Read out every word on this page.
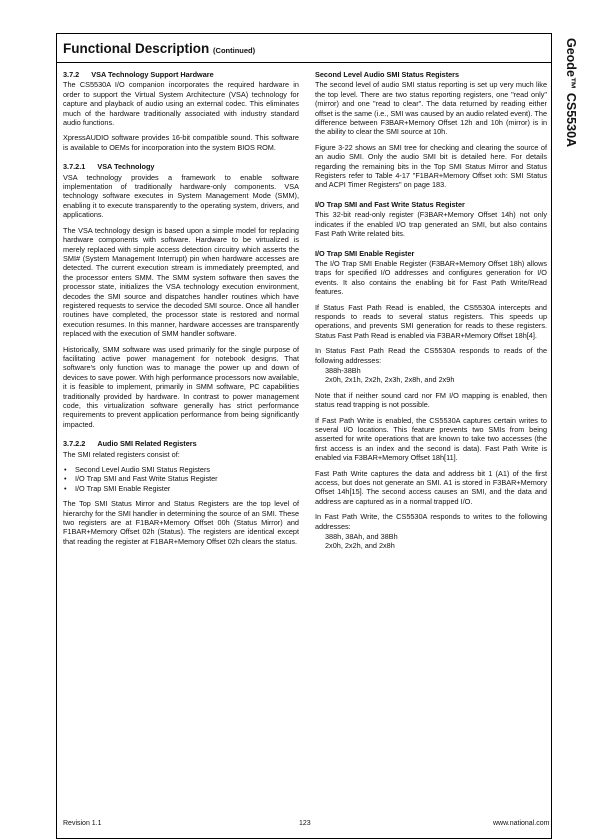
Functional Description (Continued)	Geode™ CS5530A
3.7.2 VSA Technology Support Hardware

The CS5530A I/O companion incorporates the required hardware in order to support the Virtual System Architecture (VSA) technology for capture and playback of audio using an external codec. This eliminates much of the hardware traditionally associated with industry standard audio functions.

XpressAUDIO software provides 16-bit compatible sound. This software is available to OEMs for incorporation into the system BIOS ROM.

3.7.2.1 VSA Technology

VSA technology provides a framework to enable software implementation of traditionally hardware-only components. VSA technology software executes in System Management Mode (SMM), enabling it to execute transparently to the operating system, drivers, and applications.

The VSA technology design is based upon a simple model for replacing hardware components with software. Hardware to be virtualized is merely replaced with simple access detection circuitry which asserts the SMI# (System Management Interrupt) pin when hardware accesses are detected. The current execution stream is immediately preempted, and the processor enters SMM. The SMM system software then saves the processor state, initializes the VSA technology execution environment, decodes the SMI source and dispatches handler routines which have registered requests to service the decoded SMI source. Once all handler routines have completed, the processor state is restored and normal execution resumes. In this manner, hardware accesses are transparently replaced with the execution of SMM handler software.

Historically, SMM software was used primarily for the single purpose of facilitating active power management for notebook designs. That software's only function was to manage the power up and down of devices to save power. With high performance processors now available, it is feasible to implement, primarily in SMM software, PC capabilities traditionally provided by hardware. In contrast to power management code, this virtualization software generally has strict performance requirements to prevent application performance from being significantly impacted.

3.7.2.2 Audio SMI Related Registers

The SMI related registers consist of:

• Second Level Audio SMI Status Registers
• I/O Trap SMI and Fast Write Status Register
• I/O Trap SMI Enable Register

The Top SMI Status Mirror and Status Registers are the top level of hierarchy for the SMI handler in determining the source of an SMI. These two registers are at F1BAR+Memory Offset 00h (Status Mirror) and F1BAR+Memory Offset 02h (Status). The registers are identical except that reading the register at F1BAR+Memory Offset 02h clears the status.

Second Level Audio SMI Status Registers

The second level of audio SMI status reporting is set up very much like the top level. There are two status reporting registers, one "read only" (mirror) and one "read to clear". The data returned by reading either offset is the same (i.e., SMI was caused by an audio related event). The difference between F3BAR+Memory Offset 12h and 10h (mirror) is in the ability to clear the SMI source at 10h.

Figure 3-22 shows an SMI tree for checking and clearing the source of an audio SMI. Only the audio SMI bit is detailed here. For details regarding the remaining bits in the Top SMI Status Mirror and Status Registers refer to Table 4-17 "F1BAR+Memory Offset xxh: SMI Status and ACPI Timer Registers" on page 183.

I/O Trap SMI and Fast Write Status Register

This 32-bit read-only register (F3BAR+Memory Offset 14h) not only indicates if the enabled I/O trap generated an SMI, but also contains Fast Path Write related bits.

I/O Trap SMI Enable Register

The I/O Trap SMI Enable Register (F3BAR+Memory Offset 18h) allows traps for specified I/O addresses and configures generation for I/O events. It also contains the enabling bit for Fast Path Write/Read features.

If Status Fast Path Read is enabled, the CS5530A intercepts and responds to reads to several status registers. This speeds up operations, and prevents SMI generation for reads to these registers. Status Fast Path Read is enabled via F3BAR+Memory Offset 18h[4].

In Status Fast Path Read the CS5530A responds to reads of the following addresses:

388h-38Bh
2x0h, 2x1h, 2x2h, 2x3h, 2x8h, and 2x9h

Note that if neither sound card nor FM I/O mapping is enabled, then status read trapping is not possible.

If Fast Path Write is enabled, the CS5530A captures certain writes to several I/O locations. This feature prevents two SMIs from being asserted for write operations that are known to take two accesses (the first access is an index and the second is data). Fast Path Write is enabled via F3BAR+Memory Offset 18h[11].

Fast Path Write captures the data and address bit 1 (A1) of the first access, but does not generate an SMI. A1 is stored in F3BAR+Memory Offset 14h[15]. The second access causes an SMI, and the data and address are captured as in a normal trapped I/O.

In Fast Path Write, the CS5530A responds to writes to the following addresses:

388h, 38Ah, and 38Bh
2x0h, 2x2h, and 2x8h
Revision 1.1	123	www.national.com
